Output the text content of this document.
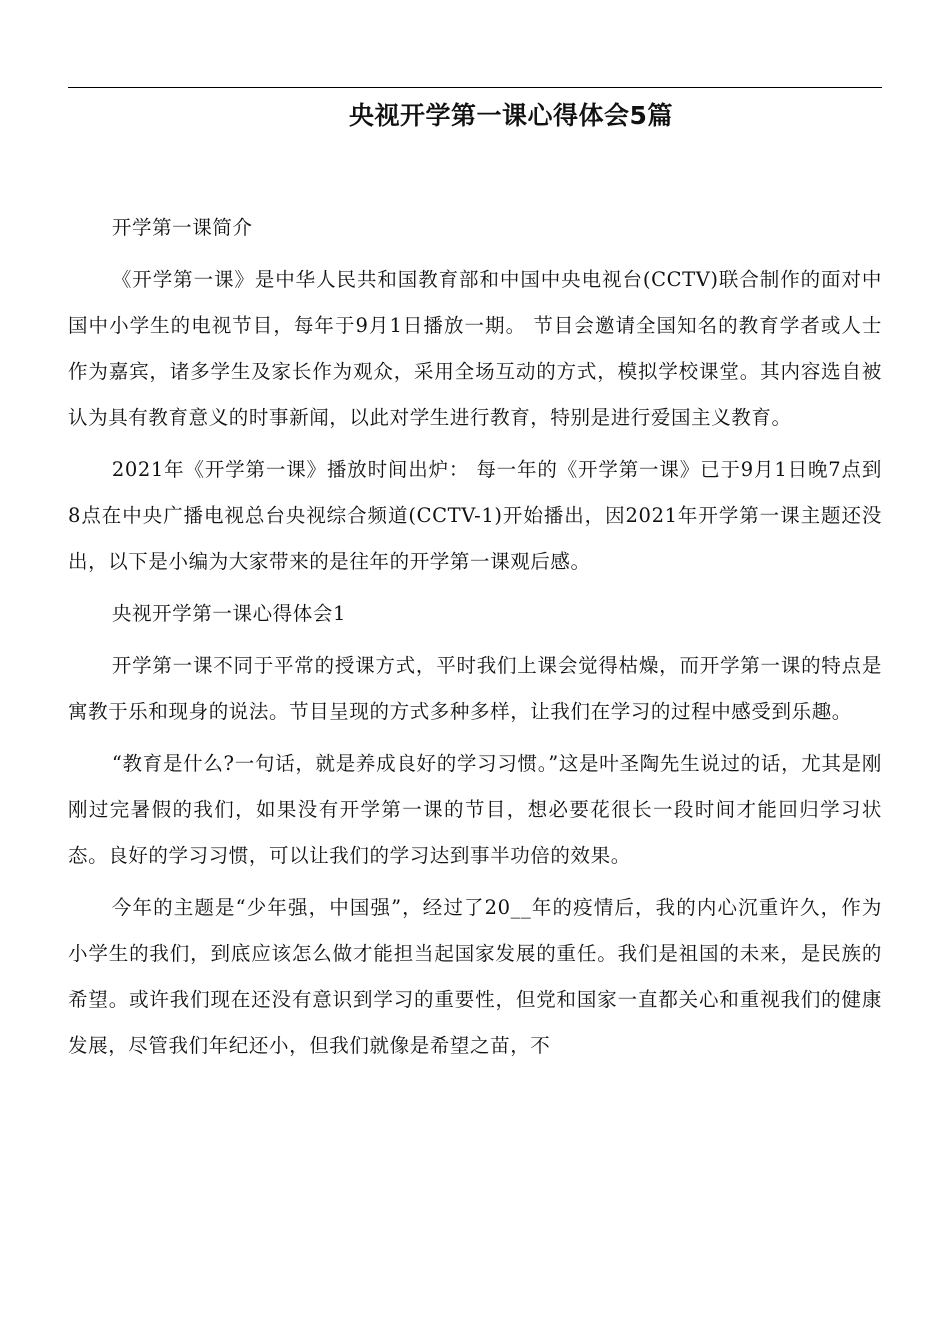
央视开学第一课心得体会5篇

开学第一课简介

《开学第一课》是中华人民共和国教育部和中国中央电视台(CCTV)联合制作的面对中国中小学生的电视节目，每年于9月1日播放一期。 节目会邀请全国知名的教育学者或人士作为嘉宾，诸多学生及家长作为观众，采用全场互动的方式，模拟学校课堂。其内容选自被认为具有教育意义的时事新闻，以此对学生进行教育，特别是进行爱国主义教育。

2021年《开学第一课》播放时间出炉： 每一年的《开学第一课》已于9月1日晚7点到8点在中央广播电视总台央视综合频道(CCTV-1)开始播出，因2021年开学第一课主题还没出，以下是小编为大家带来的是往年的开学第一课观后感。

央视开学第一课心得体会1

开学第一课不同于平常的授课方式，平时我们上课会觉得枯燥，而开学第一课的特点是寓教于乐和现身的说法。节目呈现的方式多种多样，让我们在学习的过程中感受到乐趣。

“教育是什么?一句话，就是养成良好的学习习惯。”这是叶圣陶先生说过的话，尤其是刚刚过完暑假的我们，如果没有开学第一课的节目，想必要花很长一段时间才能回归学习状态。良好的学习习惯，可以让我们的学习达到事半功倍的效果。

今年的主题是“少年强，中国强”，经过了20__年的疫情后，我的内心沉重许久，作为小学生的我们，到底应该怎么做才能担当起国家发展的重任。我们是祖国的未来，是民族的希望。或许我们现在还没有意识到学习的重要性，但党和国家一直都关心和重视我们的健康发展，尽管我们年纪还小，但我们就像是希望之苗，不
